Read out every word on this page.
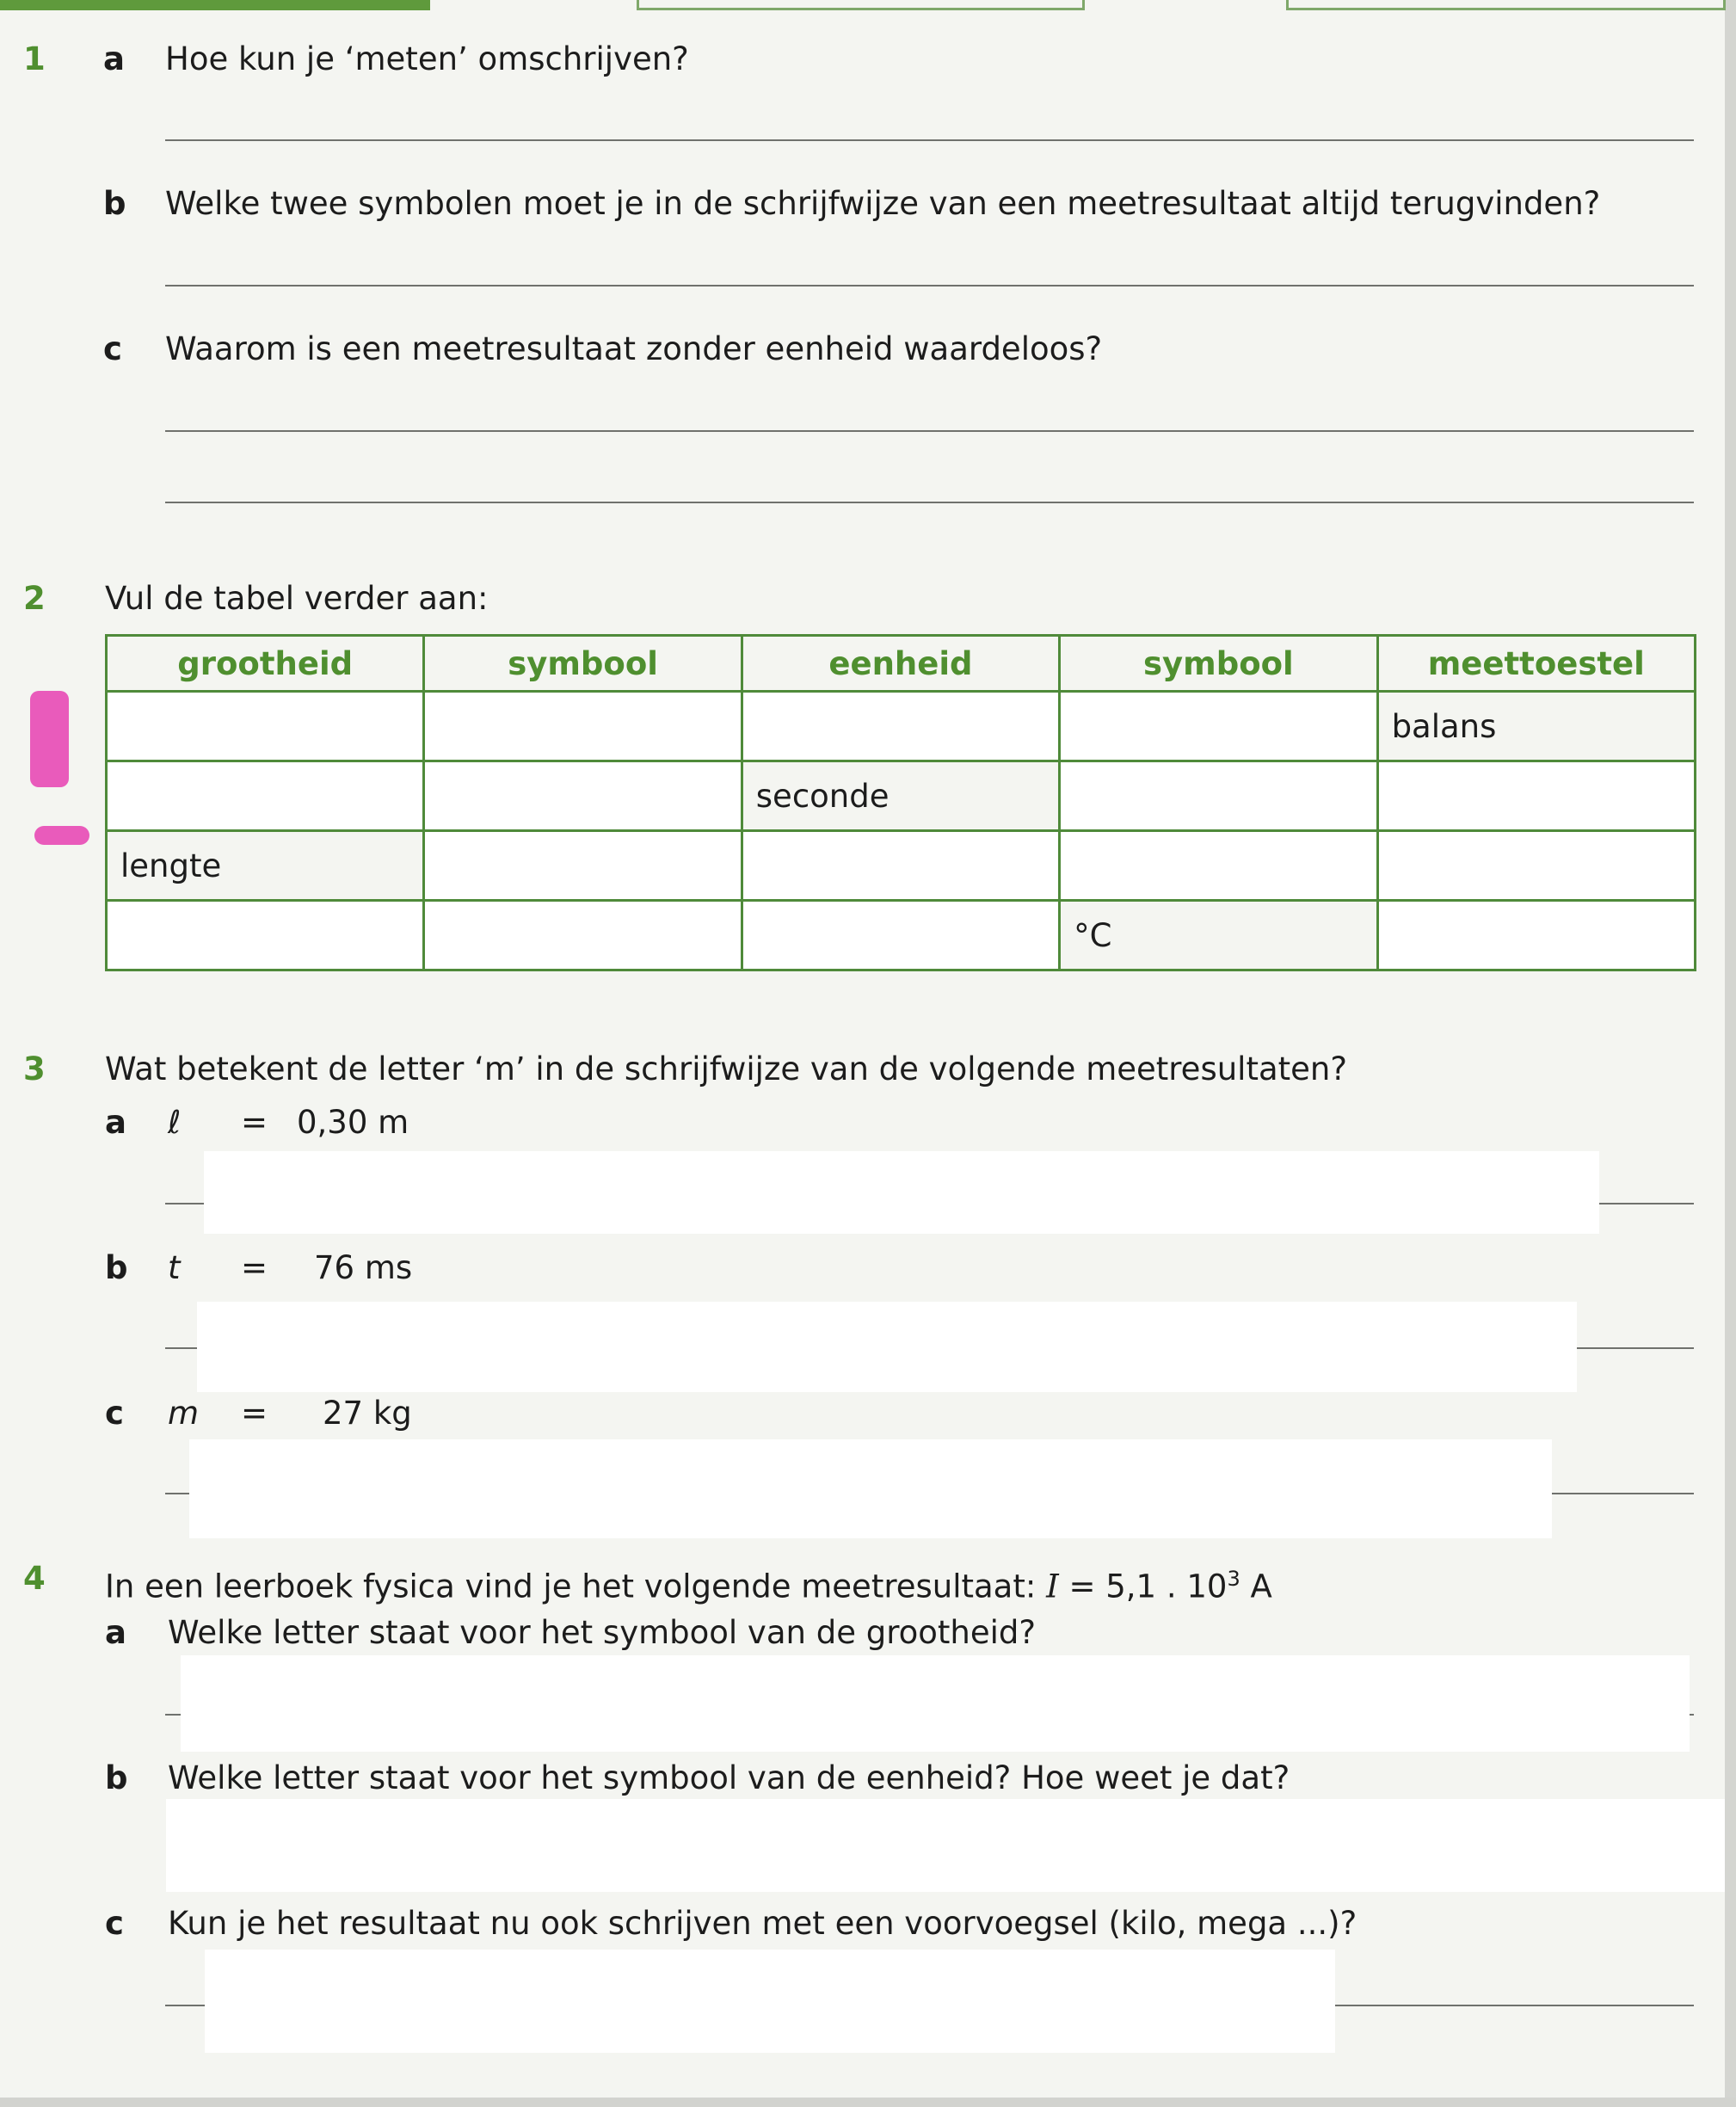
1 a Hoe kun je ‘meten’ omschrijven?
b Welke twee symbolen moet je in de schrijfwijze van een meetresultaat altijd terugvinden?
c Waarom is een meetresultaat zonder eenheid waardeloos?
2 Vul de tabel verder aan:
grootheid	symbool	eenheid	symbool	meettoestel
				balans
		seconde		
lengte				
			°C	
3 Wat betekent de letter ‘m’ in de schrijfwijze van de volgende meetresultaten?
a ℓ = 0,30 m
b t = 76 ms
c m = 27 kg
4 In een leerboek fysica vind je het volgende meetresultaat: I = 5,1 . $10^3$ A
a Welke letter staat voor het symbool van de grootheid?
b Welke letter staat voor het symbool van de eenheid? Hoe weet je dat?
c Kun je het resultaat nu ook schrijven met een voorvoegsel (kilo, mega ...)?
